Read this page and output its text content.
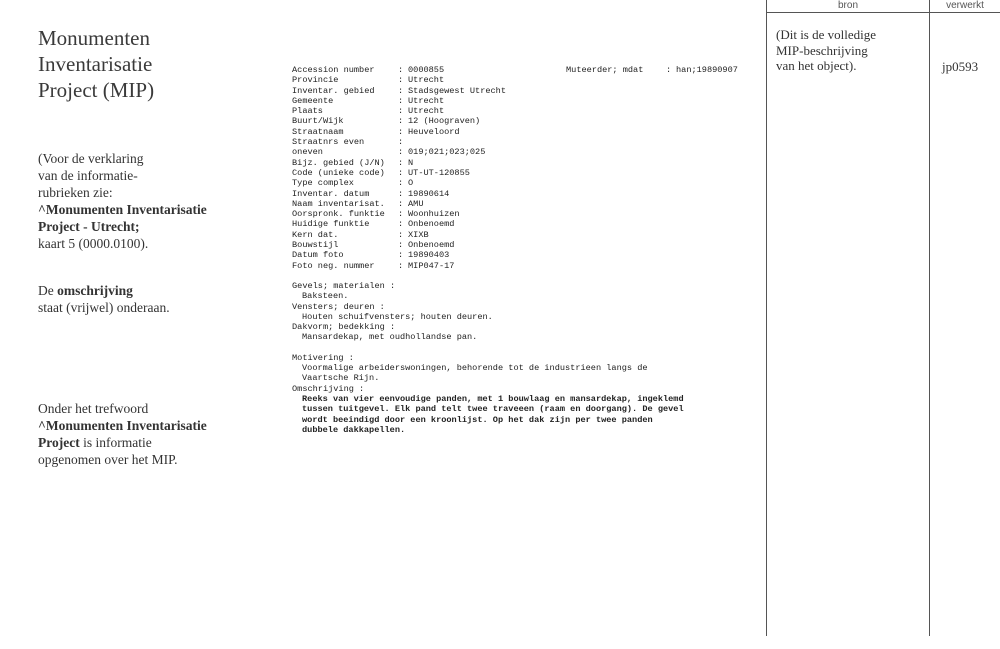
Monumenten
Inventarisatie
Project (MIP)
(Voor de verklaring
van de informatie-
rubrieken zie:
^Monumenten Inventarisatie
Project - Utrecht;
kaart 5 (0000.0100).
De omschrijving
staat (vrijwel) onderaan.
Onder het trefwoord
^Monumenten Inventarisatie
Project is informatie
opgenomen over het MIP.
Accession number	: 0000855	Muteerder; mdat	: han;19890907
Provincie	: Utrecht
Inventar. gebied	: Stadsgewest Utrecht
Gemeente	: Utrecht
Plaats	: Utrecht
Buurt/Wijk	: 12 (Hoograven)
Straatnaam	: Heuveloord
Straatnrs even	:
oneven	: 019;021;023;025
Bijz. gebied (J/N)	: N
Code (unieke code)	: UT-UT-120855
Type complex	: O
Inventar. datum	: 19890614
Naam inventarisat.	: AMU
Oorspronk. funktie	: Woonhuizen
Huidige funktie	: Onbenoemd
Kern dat.	: XIXB
Bouwstijl	: Onbenoemd
Datum foto	: 19890403
Foto neg. nummer	: MIP047-17
Gevels; materialen :
Baksteen.
Vensters; deuren :
Houten schuifvensters; houten deuren.
Dakvorm; bedekking :
Mansardekap, met oudhollandse pan.
Motivering :
Voormalige arbeiderswoningen, behorende tot de industrieen langs de
Vaartsche Rijn.
Omschrijving :
Reeks van vier eenvoudige panden, met 1 bouwlaag en mansardekap, ingeklemd
tussen tuitgevel. Elk pand telt twee traveeen (raam en doorgang). De gevel
wordt beeindigd door een kroonlijst. Op het dak zijn per twee panden
dubbele dakkapellen.
bron	verwerkt
(Dit is de volledige
MIP-beschrijving
van het object).	jp0593
